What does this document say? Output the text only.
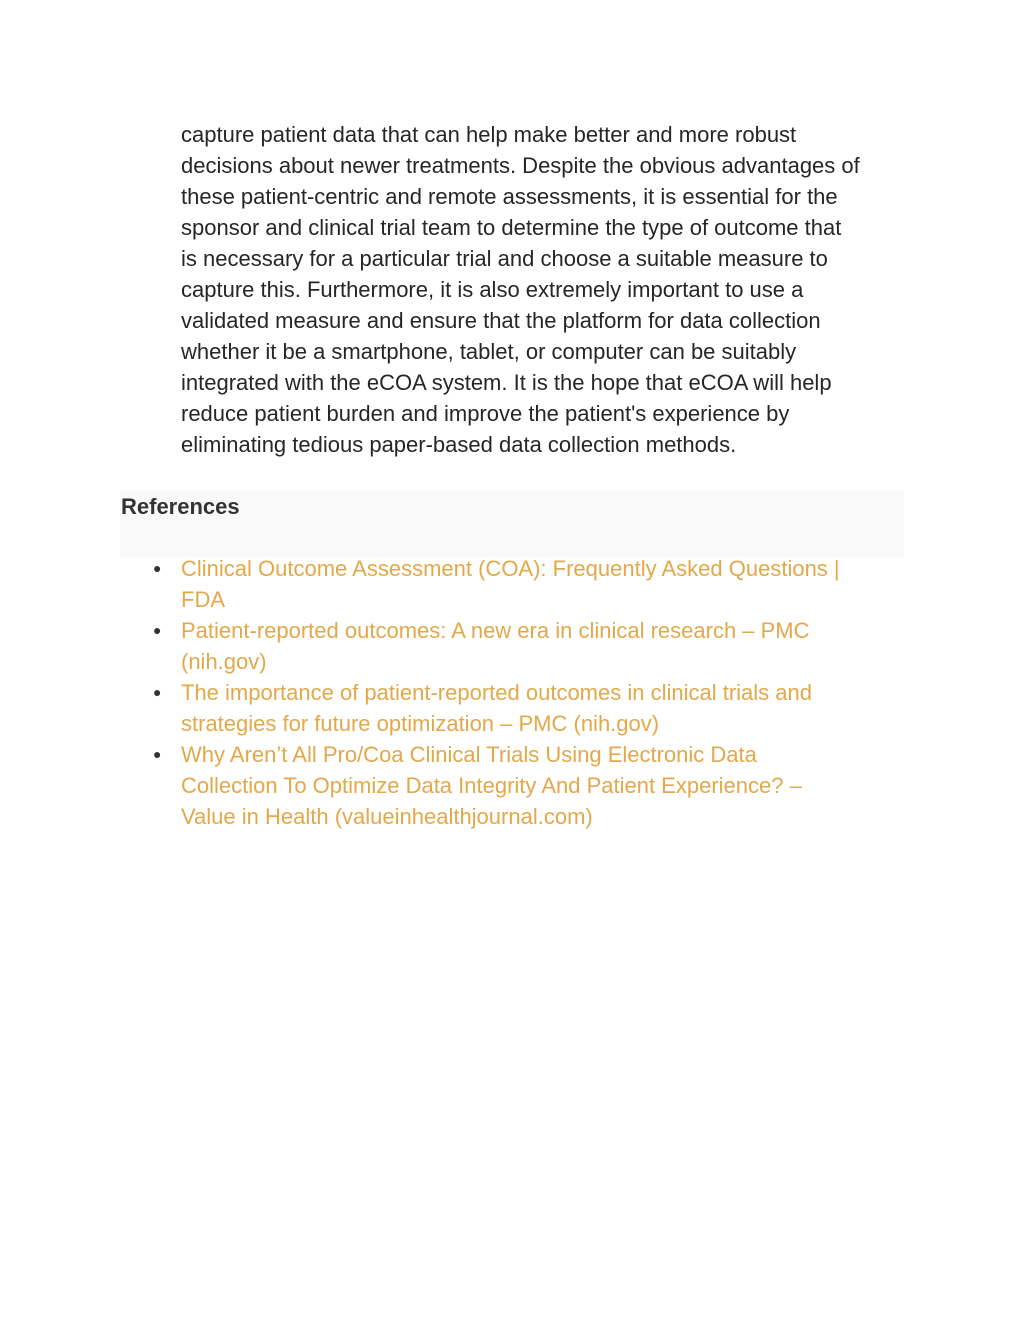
capture patient data that can help make better and more robust
decisions about newer treatments. Despite the obvious advantages of
these patient-centric and remote assessments, it is essential for the
sponsor and clinical trial team to determine the type of outcome that
is necessary for a particular trial and choose a suitable measure to
capture this. Furthermore, it is also extremely important to use a
validated measure and ensure that the platform for data collection
whether it be a smartphone, tablet, or computer can be suitably
integrated with the eCOA system. It is the hope that eCOA will help
reduce patient burden and improve the patient's experience by
eliminating tedious paper-based data collection methods.

References
● Clinical Outcome Assessment (COA): Frequently Asked Questions |
FDA
● Patient-reported outcomes: A new era in clinical research – PMC
(nih.gov)
● The importance of patient-reported outcomes in clinical trials and
strategies for future optimization – PMC (nih.gov)
● Why Aren’t All Pro/Coa Clinical Trials Using Electronic Data
Collection To Optimize Data Integrity And Patient Experience? –
Value in Health (valueinhealthjournal.com)
